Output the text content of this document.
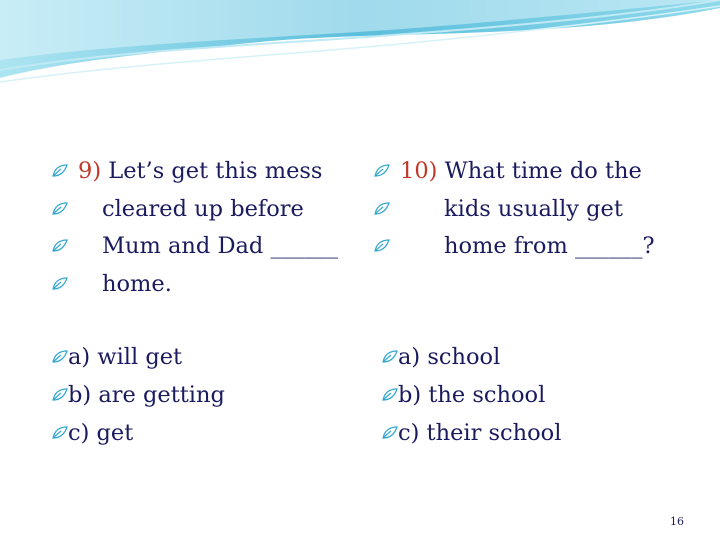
9) Let’s get this mess

cleared up before

Mum and Dad ______

home.

10) What time do the

kids usually get

home from ______?

a) will get

b) are getting

c) get

a) school

b) the school

c) their school

16
